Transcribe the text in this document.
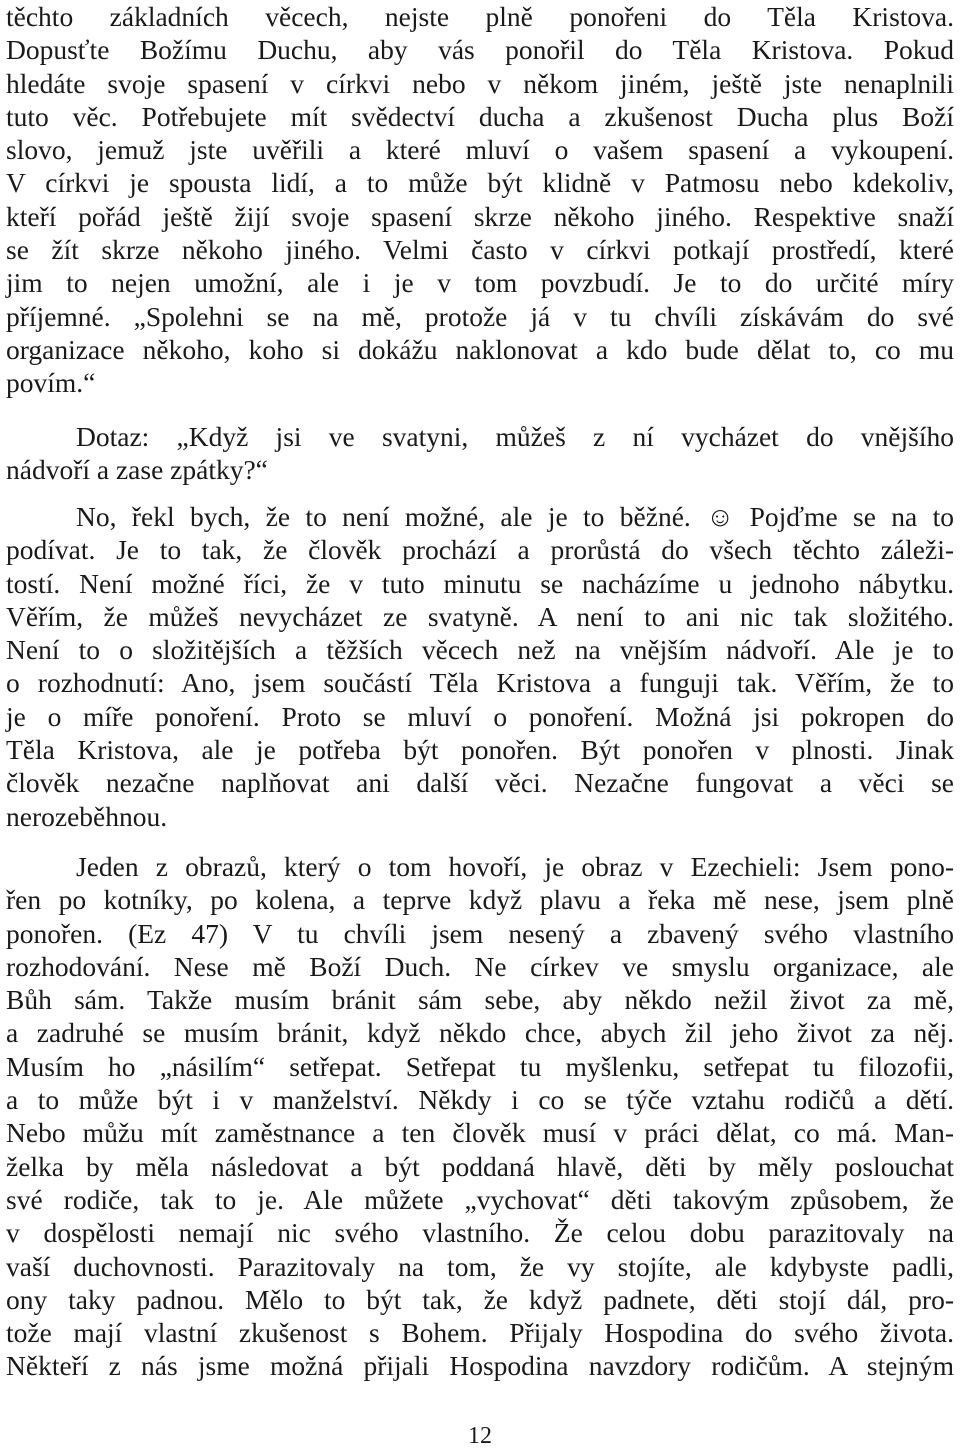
těchto základních věcech, nejste plně ponořeni do Těla Kristova.
Dopusťte Božímu Duchu, aby vás ponořil do Těla Kristova. Pokud
hledáte svoje spasení v církvi nebo v někom jiném, ještě jste nenaplnili
tuto věc. Potřebujete mít svědectví ducha a zkušenost Ducha plus Boží
slovo, jemuž jste uvěřili a které mluví o vašem spasení a vykoupení.
V církvi je spousta lidí, a to může být klidně v Patmosu nebo kdekoliv,
kteří pořád ještě žijí svoje spasení skrze někoho jiného. Respektive snaží
se žít skrze někoho jiného. Velmi často v církvi potkají prostředí, které
jim to nejen umožní, ale i je v tom povzbudí. Je to do určité míry
příjemné. „Spolehni se na mě, protože já v tu chvíli získávám do své
organizace někoho, koho si dokážu naklonovat a kdo bude dělat to, co mu
povím.“
Dotaz: „Když jsi ve svatyni, můžeš z ní vycházet do vnějšího
nádvoří a zase zpátky?“
No, řekl bych, že to není možné, ale je to běžné. ☺ Pojďme se na to
podívat. Je to tak, že člověk prochází a prorůstá do všech těchto záleži-
tostí. Není možné říci, že v tuto minutu se nacházíme u jednoho nábytku.
Věřím, že můžeš nevycházet ze svatyně. A není to ani nic tak složitého.
Není to o složitějších a těžších věcech než na vnějším nádvoří. Ale je to
o rozhodnutí: Ano, jsem součástí Těla Kristova a funguji tak. Věřím, že to
je o míře ponoření. Proto se mluví o ponoření. Možná jsi pokropen do
Těla Kristova, ale je potřeba být ponořen. Být ponořen v plnosti. Jinak
člověk nezačne naplňovat ani další věci. Nezačne fungovat a věci se
nerozeběhnou.
Jeden z obrazů, který o tom hovoří, je obraz v Ezechieli: Jsem pono-
řen po kotníky, po kolena, a teprve když plavu a řeka mě nese, jsem plně
ponořen. (Ez 47) V tu chvíli jsem nesený a zbavený svého vlastního
rozhodování. Nese mě Boží Duch. Ne církev ve smyslu organizace, ale
Bůh sám. Takže musím bránit sám sebe, aby někdo nežil život za mě,
a zadruhé se musím bránit, když někdo chce, abych žil jeho život za něj.
Musím ho „násilím“ setřepat. Setřepat tu myšlenku, setřepat tu filozofii,
a to může být i v manželství. Někdy i co se týče vztahu rodičů a dětí.
Nebo můžu mít zaměstnance a ten člověk musí v práci dělat, co má. Man-
želka by měla následovat a být poddaná hlavě, děti by měly poslouchat
své rodiče, tak to je. Ale můžete „vychovat“ děti takovým způsobem, že
v dospělosti nemají nic svého vlastního. Že celou dobu parazitovaly na
vaší duchovnosti. Parazitovaly na tom, že vy stojíte, ale kdybyste padli,
ony taky padnou. Mělo to být tak, že když padnete, děti stojí dál, pro-
tože mají vlastní zkušenost s Bohem. Přijaly Hospodina do svého života.
Někteří z nás jsme možná přijali Hospodina navzdory rodičům. A stejným
12
